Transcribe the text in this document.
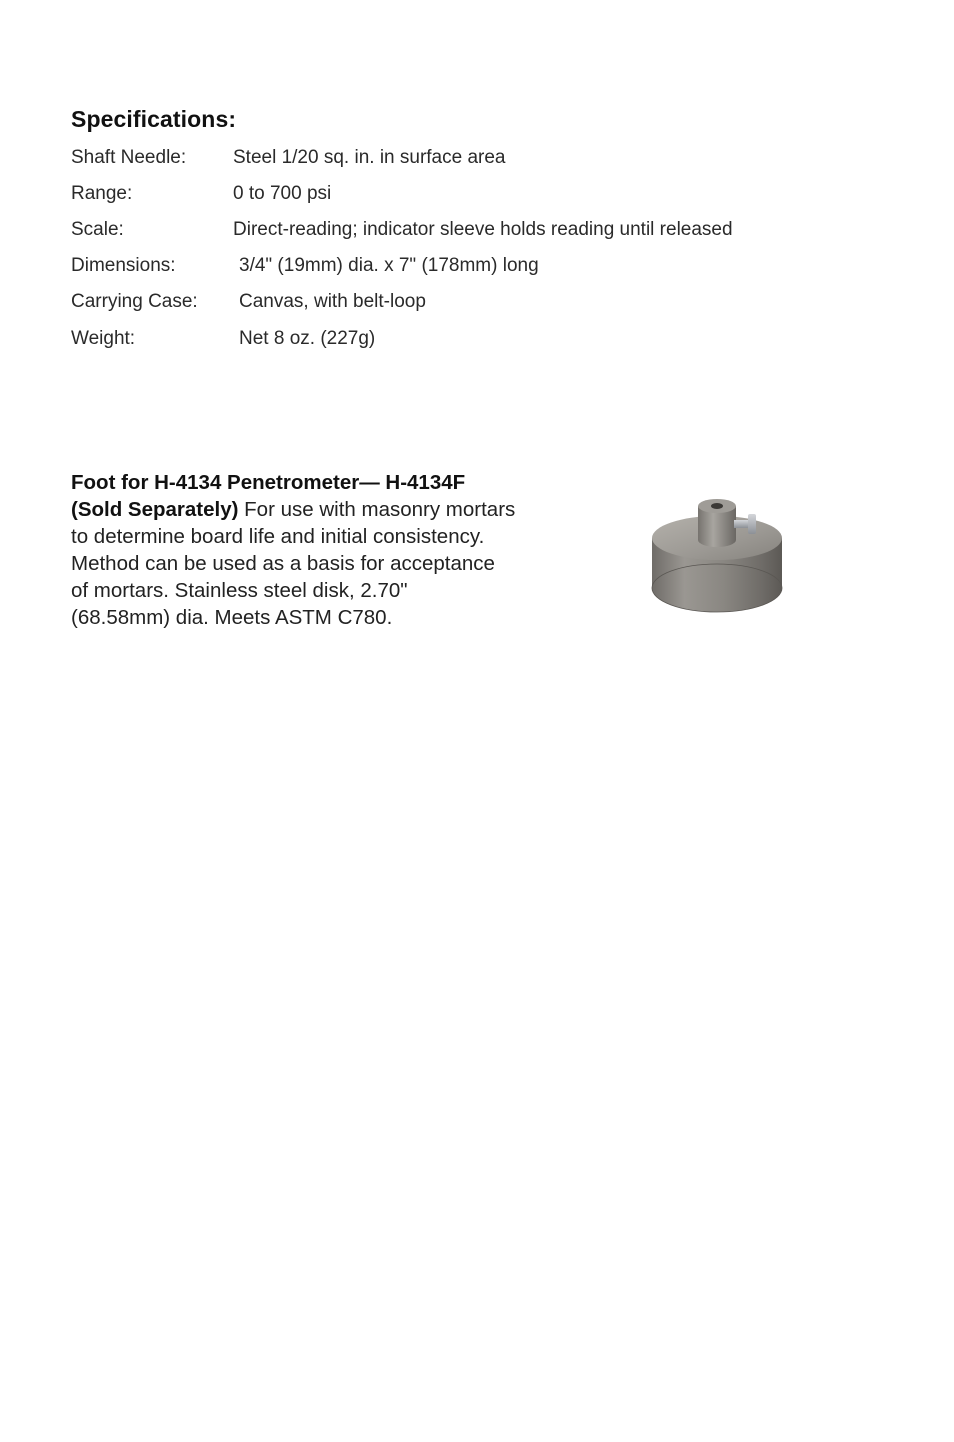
Specifications:
Shaft Needle: Steel 1/20 sq. in. in surface area
Range:	0 to 700 psi
Scale:	Direct-reading; indicator sleeve holds reading until released
Dimensions:	3/4" (19mm) dia. x 7" (178mm) long
Carrying Case: Canvas, with belt-loop
Weight:	Net 8 oz. (227g)

Foot for H-4134 Penetrometer— H-4134F
(Sold Separately) For use with masonry mortars
to determine board life and initial consistency.
Method can be used as a basis for acceptance
of mortars. Stainless steel disk, 2.70"
(68.58mm) dia. Meets ASTM C780.
